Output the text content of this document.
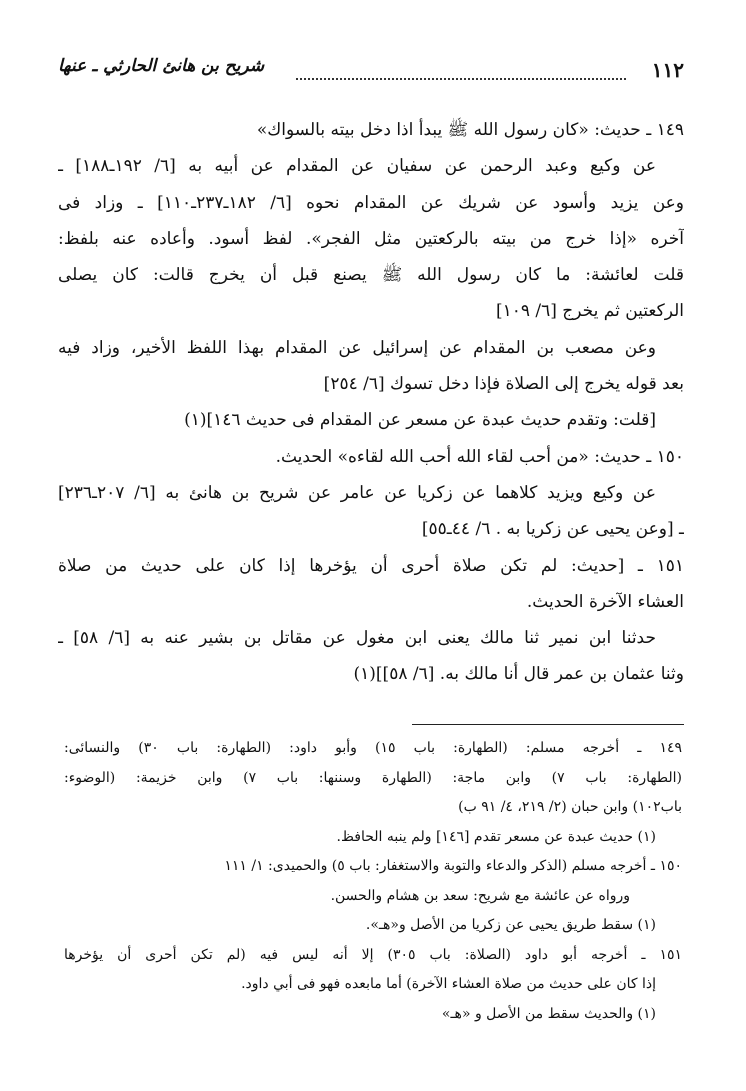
١١٢
شريح بن هانئ الحارثي ـ عنها
١٤٩ ـ حديث: «كان رسول الله ﷺ يبدأ اذا دخل بيته بالسواك»
عن وكيع وعبد الرحمن عن سفيان عن المقدام عن أبيه به [٦/ ١٩٢ـ١٨٨] ـ
وعن يزيد وأسود عن شريك عن المقدام نحوه [٦/ ١٨٢ـ٢٣٧ـ١١٠] ـ وزاد فى
آخره «إذا خرج من بيته بالركعتين مثل الفجر». لفظ أسود. وأعاده عنه بلفظ:
قلت لعائشة: ما كان رسول الله ﷺ يصنع قبل أن يخرج قالت: كان يصلى
الركعتين ثم يخرج [٦/ ١٠٩]
وعن مصعب بن المقدام عن إسرائيل عن المقدام بهذا اللفظ الأخير، وزاد فيه
بعد قوله يخرج إلى الصلاة فإذا دخل تسوك [٦/ ٢٥٤]
[قلت: وتقدم حديث عبدة عن مسعر عن المقدام فى حديث ١٤٦](١)
١٥٠ ـ حديث: «من أحب لقاء الله أحب الله لقاءه» الحديث.
عن وكيع ويزيد كلاهما عن زكريا عن عامر عن شريح بن هانئ به [٦/ ٢٠٧ـ٢٣٦]
ـ [وعن يحيى عن زكريا به . ٦/ ٤٤ـ٥٥]
١٥١ ـ [حديث: لم تكن صلاة أحرى أن يؤخرها إذا كان على حديث من صلاة
العشاء الآخرة الحديث.
حدثنا ابن نمير ثنا مالك يعنى ابن مغول عن مقاتل بن بشير عنه به [٦/ ٥٨] ـ
وثنا عثمان بن عمر قال أنا مالك به. [٦/ ٥٨]](١)
١٤٩ ـ أخرجه مسلم: (الطهارة: باب ١٥) وأبو داود: (الطهارة: باب ٣٠) والنسائى:
(الطهارة: باب ٧) وابن ماجة: (الطهارة وسننها: باب ٧) وابن خزيمة: (الوضوء:
باب١٠٢) وابن حبان (٢/ ٢١٩، ٤/ ٩١ ب)
(١) حديث عبدة عن مسعر تقدم [١٤٦] ولم ينبه الحافظ.
١٥٠ ـ أخرجه مسلم (الذكر والدعاء والتوبة والاستغفار: باب ٥) والحميدى: ١/ ١١١
ورواه عن عائشة مع شريح: سعد بن هشام والحسن.
(١) سقط طريق يحيى عن زكريا من الأصل و«هـ».
١٥١ ـ أخرجه أبو داود (الصلاة: باب ٣٠٥) إلا أنه ليس فيه (لم تكن أحرى أن يؤخرها
إذا كان على حديث من صلاة العشاء الآخرة) أما مابعده فهو فى أبي داود.
(١) والحديث سقط من الأصل و «هـ»
